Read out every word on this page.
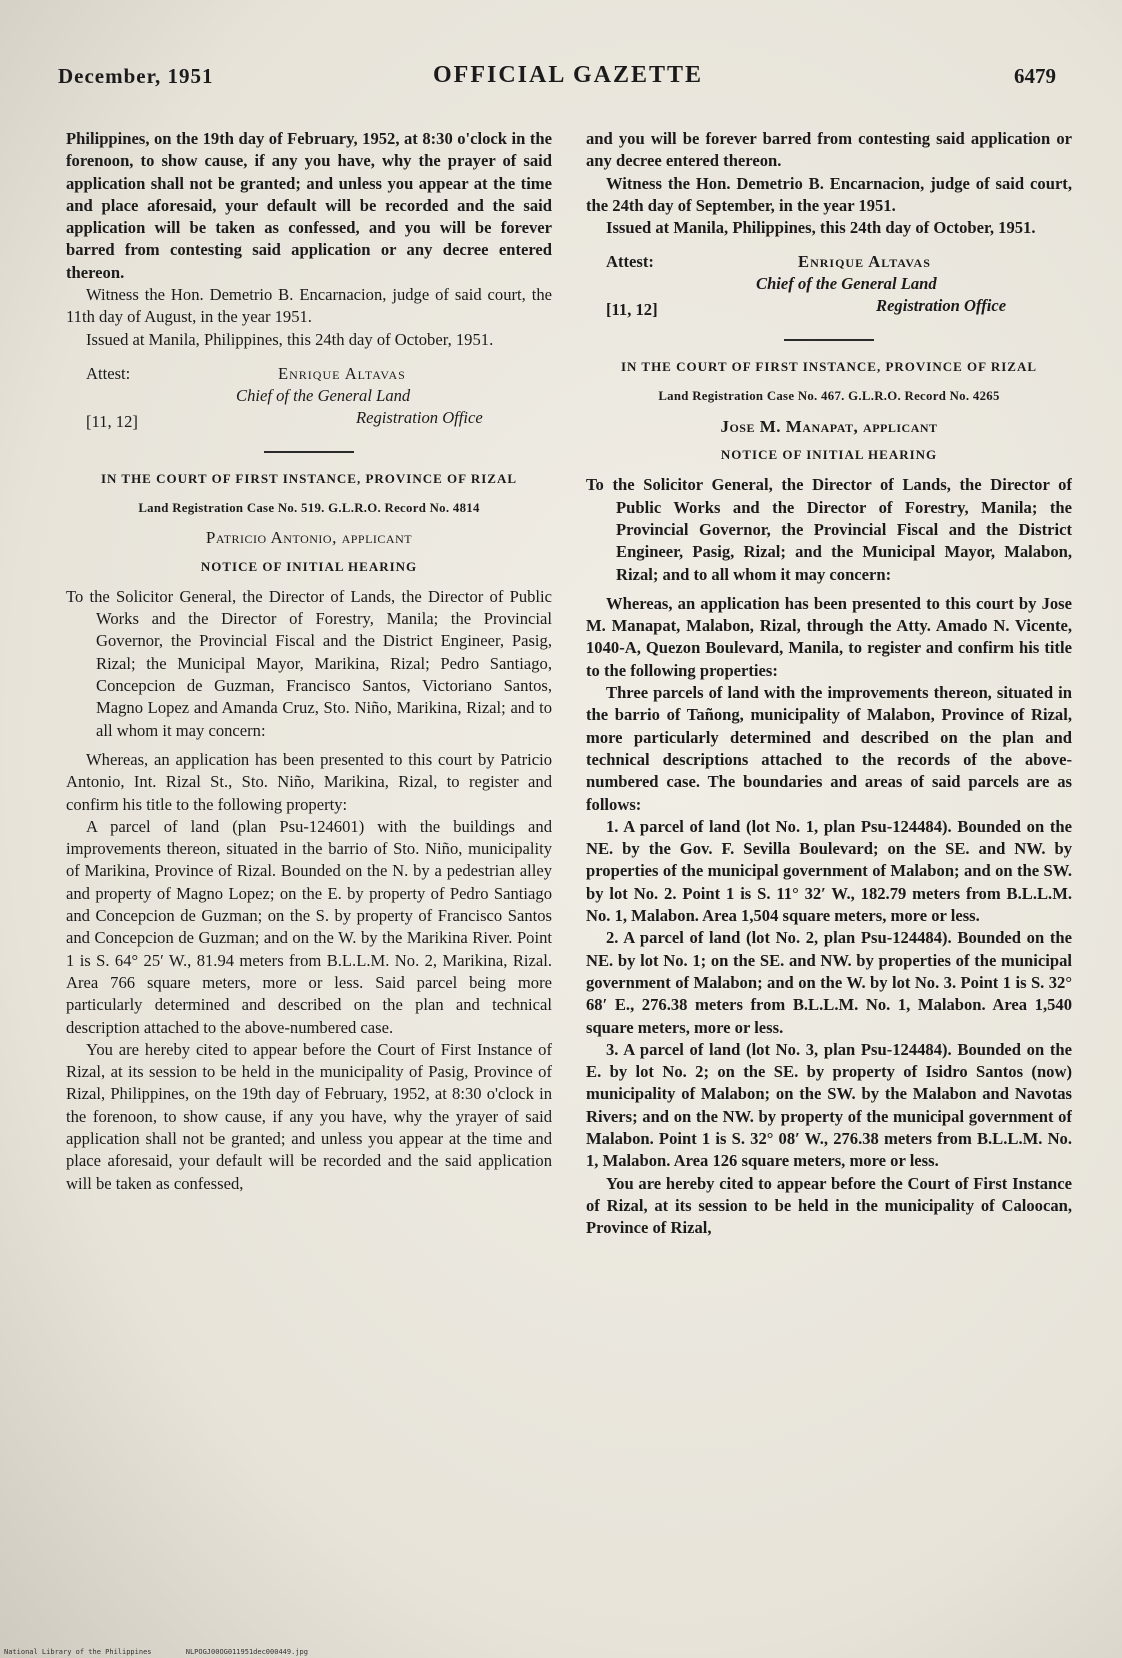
December, 1951	OFFICIAL GAZETTE	6479

Philippines, on the 19th day of February, 1952, at 8:30 o'clock in the forenoon, to show cause, if any you have, why the prayer of said application shall not be granted; and unless you appear at the time and place aforesaid, your default will be recorded and the said application will be taken as confessed, and you will be forever barred from contesting said application or any decree entered thereon.

Witness the Hon. Demetrio B. Encarnacion, judge of said court, the 11th day of August, in the year 1951.

Issued at Manila, Philippines, this 24th day of October, 1951.

Attest:	Enrique Altavas
Chief of the General Land
Registration Office
[11, 12]
IN THE COURT OF FIRST INSTANCE, PROVINCE OF RIZAL
Land Registration Case No. 519. G.L.R.O. Record No. 4814
Patricio Antonio, applicant
NOTICE OF INITIAL HEARING

To the Solicitor General, the Director of Lands, the Director of Public Works and the Director of Forestry, Manila; the Provincial Governor, the Provincial Fiscal and the District Engineer, Pasig, Rizal; the Municipal Mayor, Marikina, Rizal; Pedro Santiago, Concepcion de Guzman, Francisco Santos, Victoriano Santos, Magno Lopez and Amanda Cruz, Sto. Niño, Marikina, Rizal; and to all whom it may concern:

Whereas, an application has been presented to this court by Patricio Antonio, Int. Rizal St., Sto. Niño, Marikina, Rizal, to register and confirm his title to the following property:

A parcel of land (plan Psu-124601) with the buildings and improvements thereon, situated in the barrio of Sto. Niño, municipality of Marikina, Province of Rizal. Bounded on the N. by a pedestrian alley and property of Magno Lopez; on the E. by property of Pedro Santiago and Concepcion de Guzman; on the S. by property of Francisco Santos and Concepcion de Guzman; and on the W. by the Marikina River. Point 1 is S. 64° 25′ W., 81.94 meters from B.L.L.M. No. 2, Marikina, Rizal. Area 766 square meters, more or less. Said parcel being more particularly determined and described on the plan and technical description attached to the above-numbered case.

You are hereby cited to appear before the Court of First Instance of Rizal, at its session to be held in the municipality of Pasig, Province of Rizal, Philippines, on the 19th day of February, 1952, at 8:30 o'clock in the forenoon, to show cause, if any you have, why the yrayer of said application shall not be granted; and unless you appear at the time and place aforesaid, your default will be recorded and the said application will be taken as confessed,

and you will be forever barred from contesting said application or any decree entered thereon.

Witness the Hon. Demetrio B. Encarnacion, judge of said court, the 24th day of September, in the year 1951.

Issued at Manila, Philippines, this 24th day of October, 1951.

Attest:	Enrique Altavas
Chief of the General Land
Registration Office
[11, 12]
IN THE COURT OF FIRST INSTANCE, PROVINCE OF RIZAL
Land Registration Case No. 467. G.L.R.O. Record No. 4265
Jose M. Manapat, applicant
NOTICE OF INITIAL HEARING

To the Solicitor General, the Director of Lands, the Director of Public Works and the Director of Forestry, Manila; the Provincial Governor, the Provincial Fiscal and the District Engineer, Pasig, Rizal; and the Municipal Mayor, Malabon, Rizal; and to all whom it may concern:

Whereas, an application has been presented to this court by Jose M. Manapat, Malabon, Rizal, through the Atty. Amado N. Vicente, 1040-A, Quezon Boulevard, Manila, to register and confirm his title to the following properties:

Three parcels of land with the improvements thereon, situated in the barrio of Tañong, municipality of Malabon, Province of Rizal, more particularly determined and described on the plan and technical descriptions attached to the records of the above-numbered case. The boundaries and areas of said parcels are as follows:

1. A parcel of land (lot No. 1, plan Psu-124484). Bounded on the NE. by the Gov. F. Sevilla Boulevard; on the SE. and NW. by properties of the municipal government of Malabon; and on the SW. by lot No. 2. Point 1 is S. 11° 32′ W., 182.79 meters from B.L.L.M. No. 1, Malabon. Area 1,504 square meters, more or less.

2. A parcel of land (lot No. 2, plan Psu-124484). Bounded on the NE. by lot No. 1; on the SE. and NW. by properties of the municipal government of Malabon; and on the W. by lot No. 3. Point 1 is S. 32° 68′ E., 276.38 meters from B.L.L.M. No. 1, Malabon. Area 1,540 square meters, more or less.

3. A parcel of land (lot No. 3, plan Psu-124484). Bounded on the E. by lot No. 2; on the SE. by property of Isidro Santos (now) municipality of Malabon; on the SW. by the Malabon and Navotas Rivers; and on the NW. by property of the municipal government of Malabon. Point 1 is S. 32° 08′ W., 276.38 meters from B.L.L.M. No. 1, Malabon. Area 126 square meters, more or less.

You are hereby cited to appear before the Court of First Instance of Rizal, at its session to be held in the municipality of Caloocan, Province of Rizal,

National Library of the Philippines	NLPOGJ00OG011951dec000449.jpg
